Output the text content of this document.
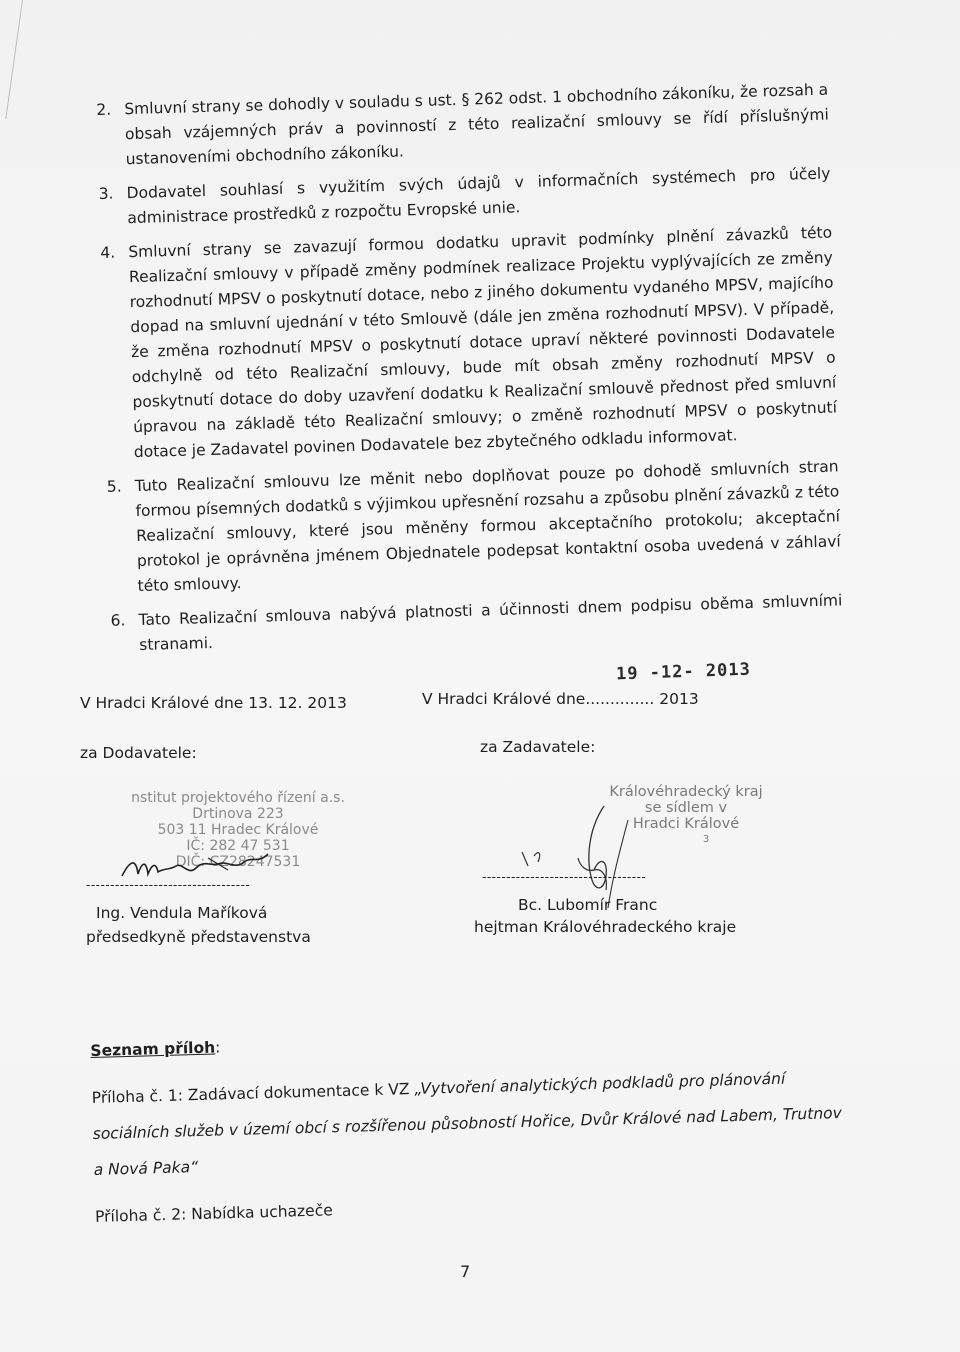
2. Smluvní strany se dohodly v souladu s ust. § 262 odst. 1 obchodního zákoníku, že rozsah a obsah vzájemných práv a povinností z této realizační smlouvy se řídí příslušnými ustanoveními obchodního zákoníku.
3. Dodavatel souhlasí s využitím svých údajů v informačních systémech pro účely administrace prostředků z rozpočtu Evropské unie.
4. Smluvní strany se zavazují formou dodatku upravit podmínky plnění závazků této Realizační smlouvy v případě změny podmínek realizace Projektu vyplývajících ze změny rozhodnutí MPSV o poskytnutí dotace, nebo z jiného dokumentu vydaného MPSV, majícího dopad na smluvní ujednání v této Smlouvě (dále jen změna rozhodnutí MPSV). V případě, že změna rozhodnutí MPSV o poskytnutí dotace upraví některé povinnosti Dodavatele odchylně od této Realizační smlouvy, bude mít obsah změny rozhodnutí MPSV o poskytnutí dotace do doby uzavření dodatku k Realizační smlouvě přednost před smluvní úpravou na základě této Realizační smlouvy; o změně rozhodnutí MPSV o poskytnutí dotace je Zadavatel povinen Dodavatele bez zbytečného odkladu informovat.
5. Tuto Realizační smlouvu lze měnit nebo doplňovat pouze po dohodě smluvních stran formou písemných dodatků s výjimkou upřesnění rozsahu a způsobu plnění závazků z této Realizační smlouvy, které jsou měněny formou akceptačního protokolu; akceptační protokol je oprávněna jménem Objednatele podepsat kontaktní osoba uvedená v záhlaví této smlouvy.
6. Tato Realizační smlouva nabývá platnosti a účinnosti dnem podpisu oběma smluvními stranami.
V Hradci Králové dne 13. 12. 2013
za Dodavatele:
nstitut projektového řízení a.s.
Drtinova 223
503 11 Hradec Králové
IČ: 282 47 531
DIČ: CZ28247531
----------------------------------
Ing. Vendula Maříková
předsedkyně představenstva
19 -12- 2013
V Hradci Králové dne.............. 2013
za Zadavatele:
Královéhradecký kraj
se sídlem v
Hradci Králové
3
----------------------------------
Bc. Lubomír Franc
hejtman Královéhradeckého kraje
Seznam příloh:
Příloha č. 1: Zadávací dokumentace k VZ „Vytvoření analytických podkladů pro plánování sociálních služeb v území obcí s rozšířenou působností Hořice, Dvůr Králové nad Labem, Trutnov a Nová Paka“
Příloha č. 2: Nabídka uchazeče
7
